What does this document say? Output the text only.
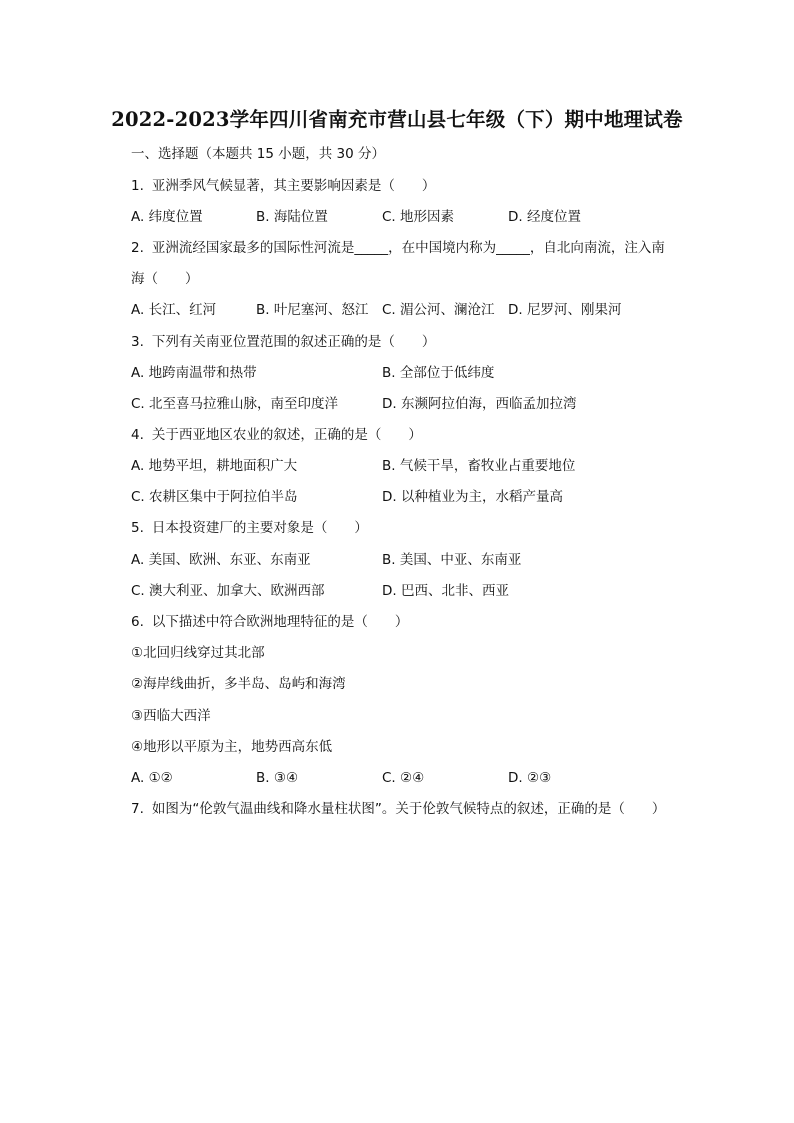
2022-2023学年四川省南充市营山县七年级（下）期中地理试卷
一、选择题（本题共 15 小题，共 30 分）
1. 亚洲季风气候显著，其主要影响因素是（　　）
A. 纬度位置	B. 海陆位置	C. 地形因素	D. 经度位置
2. 亚洲流经国家最多的国际性河流是_____，在中国境内称为_____，自北向南流，注入南
海（　　）
A. 长江、红河	B. 叶尼塞河、怒江 C. 湄公河、澜沧江 D. 尼罗河、刚果河
3. 下列有关南亚位置范围的叙述正确的是（　　）
A. 地跨南温带和热带	B. 全部位于低纬度
C. 北至喜马拉雅山脉，南至印度洋	D. 东濒阿拉伯海，西临孟加拉湾
4. 关于西亚地区农业的叙述，正确的是（　　）
A. 地势平坦，耕地面积广大	B. 气候干旱，畜牧业占重要地位
C. 农耕区集中于阿拉伯半岛	D. 以种植业为主，水稻产量高
5. 日本投资建厂的主要对象是（　　）
A. 美国、欧洲、东亚、东南亚	B. 美国、中亚、东南亚
C. 澳大利亚、加拿大、欧洲西部	D. 巴西、北非、西亚
6. 以下描述中符合欧洲地理特征的是（　　）
①北回归线穿过其北部
②海岸线曲折，多半岛、岛屿和海湾
③西临大西洋
④地形以平原为主，地势西高东低
A. ①②	B. ③④	C. ②④	D. ②③
7. 如图为“伦敦气温曲线和降水量柱状图”。关于伦敦气候特点的叙述，正确的是（　　）
